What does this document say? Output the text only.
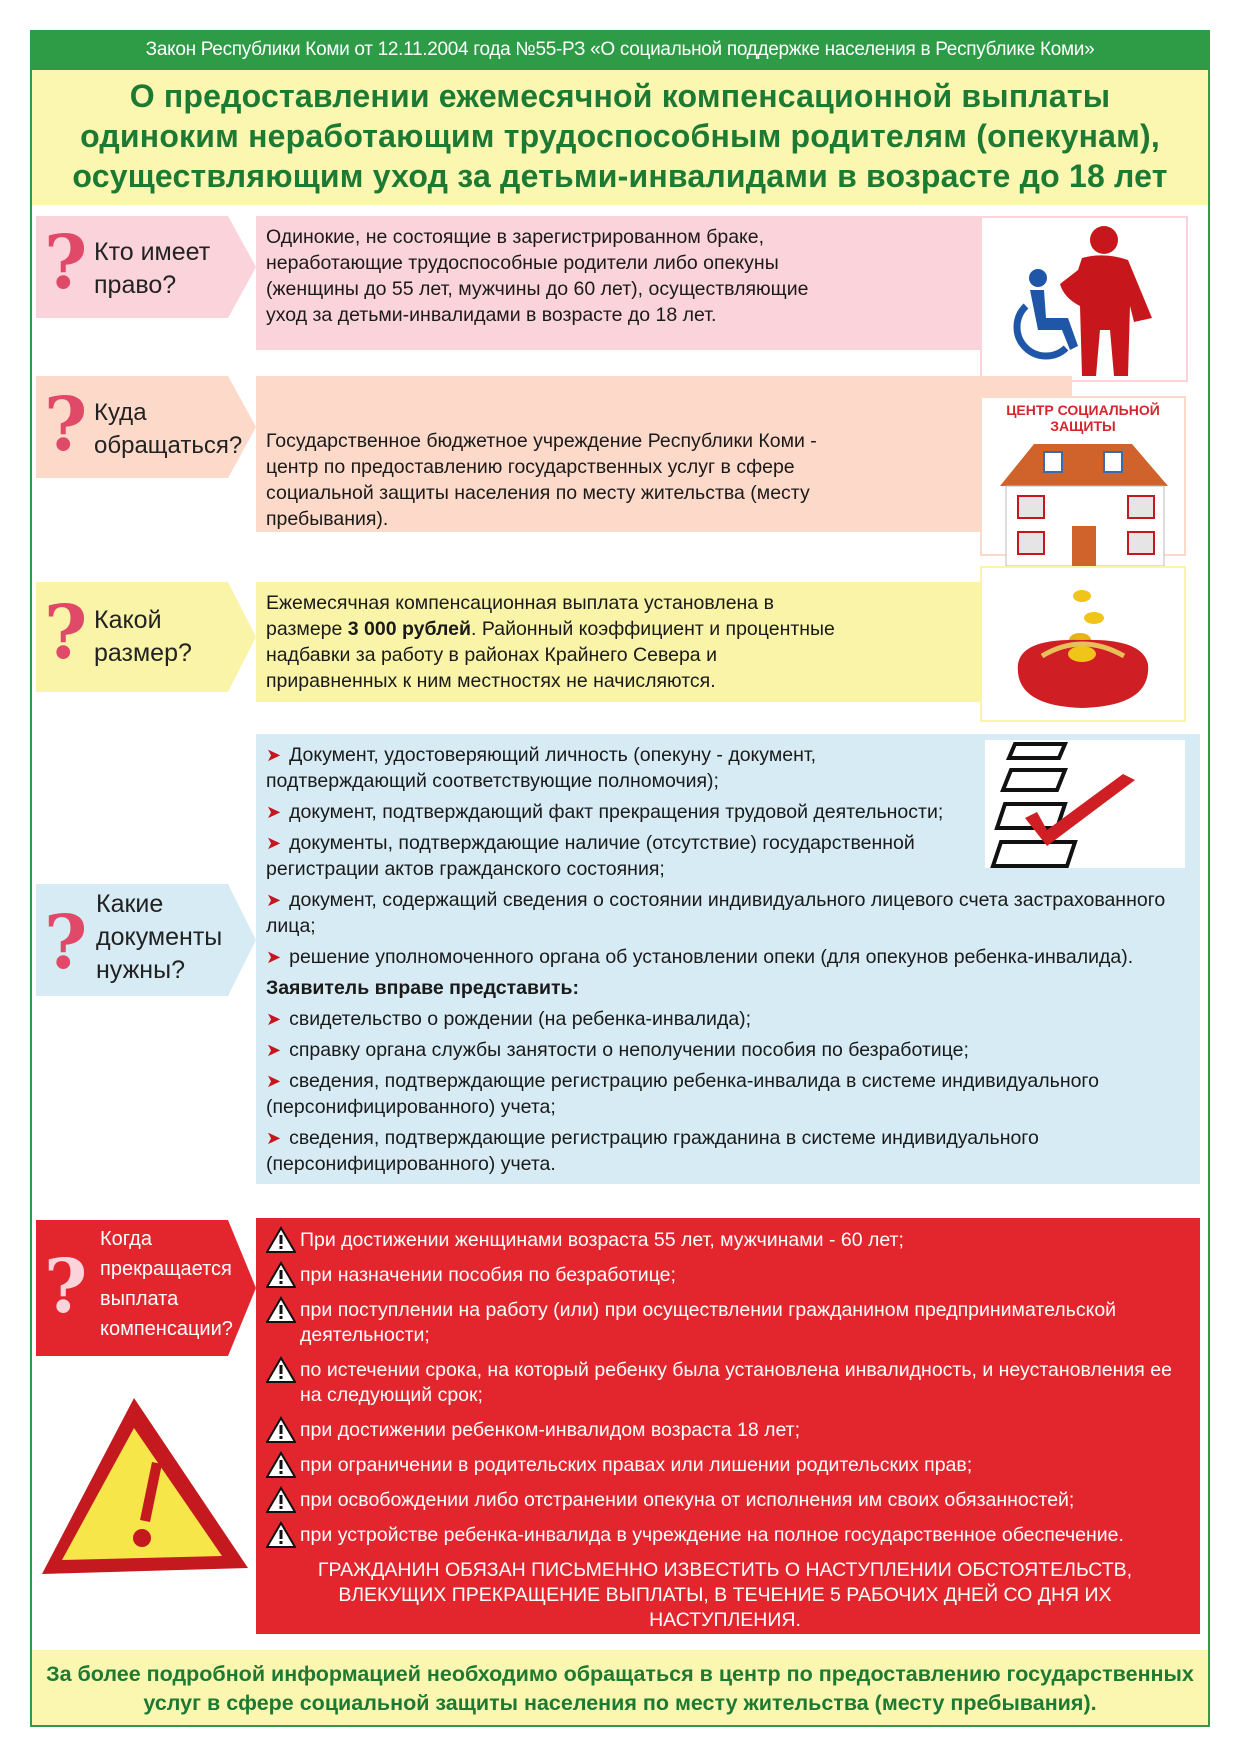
Закон Республики Коми от 12.11.2004 года №55-РЗ «О социальной поддержке населения в Республике Коми»
О предоставлении ежемесячной компенсационной выплаты
одиноким неработающим трудоспособным родителям (опекунам),
осуществляющим уход за детьми-инвалидами в возрасте до 18 лет
? Кто имеет
право?
Одинокие, не состоящие в зарегистрированном браке, неработающие трудоспособные родители либо опекуны (женщины до 55 лет, мужчины до 60 лет), осуществляющие уход за детьми-инвалидами в возрасте до 18 лет.
? Куда
обращаться? Государственное бюджетное учреждение Республики Коми - центр по предоставлению государственных услуг в сфере социальной защиты населения по месту жительства (месту пребывания).
ЦЕНТР СОЦИАЛЬНОЙ ЗАЩИТЫ
? Какой
размер?
Ежемесячная компенсационная выплата установлена в размере 3 000 рублей. Районный коэффициент и процентные надбавки за работу в районах Крайнего Севера и приравненных к ним местностях не начисляются.
? Какие
документы
нужны?
➤ Документ, удостоверяющий личность (опекуну - документ, подтверждающий соответствующие полномочия);
➤ документ, подтверждающий факт прекращения трудовой деятельности;
➤ документы, подтверждающие наличие (отсутствие) государственной регистрации актов гражданского состояния;
➤ документ, содержащий сведения о состоянии индивидуального лицевого счета застрахованного лица;
➤ решение уполномоченного органа об установлении опеки (для опекунов ребенка-инвалида).
Заявитель вправе представить:
➤ свидетельство о рождении (на ребенка-инвалида);
➤ справку органа службы занятости о неполучении пособия по безработице;
➤ сведения, подтверждающие регистрацию ребенка-инвалида в системе индивидуального (персонифицированного) учета;
➤ сведения, подтверждающие регистрацию гражданина в системе индивидуального (персонифицированного) учета.
?
Когда
прекращается
выплата
компенсации?
При достижении женщинами возраста 55 лет, мужчинами - 60 лет;
при назначении пособия по безработице;
при поступлении на работу (или) при осуществлении гражданином предпринимательской деятельности;
по истечении срока, на который ребенку была установлена инвалидность, и неустановления ее на следующий срок;
при достижении ребенком-инвалидом возраста 18 лет;
при ограничении в родительских правах или лишении родительских прав;
при освобождении либо отстранении опекуна от исполнения им своих обязанностей;
при устройстве ребенка-инвалида в учреждение на полное государственное обеспечение.
ГРАЖДАНИН ОБЯЗАН ПИСЬМЕННО ИЗВЕСТИТЬ О НАСТУПЛЕНИИ ОБСТОЯТЕЛЬСТВ, ВЛЕКУЩИХ ПРЕКРАЩЕНИЕ ВЫПЛАТЫ, В ТЕЧЕНИЕ 5 РАБОЧИХ ДНЕЙ СО ДНЯ ИХ НАСТУПЛЕНИЯ.
За более подробной информацией необходимо обращаться в центр по предоставлению государственных услуг в сфере социальной защиты населения по месту жительства (месту пребывания).
